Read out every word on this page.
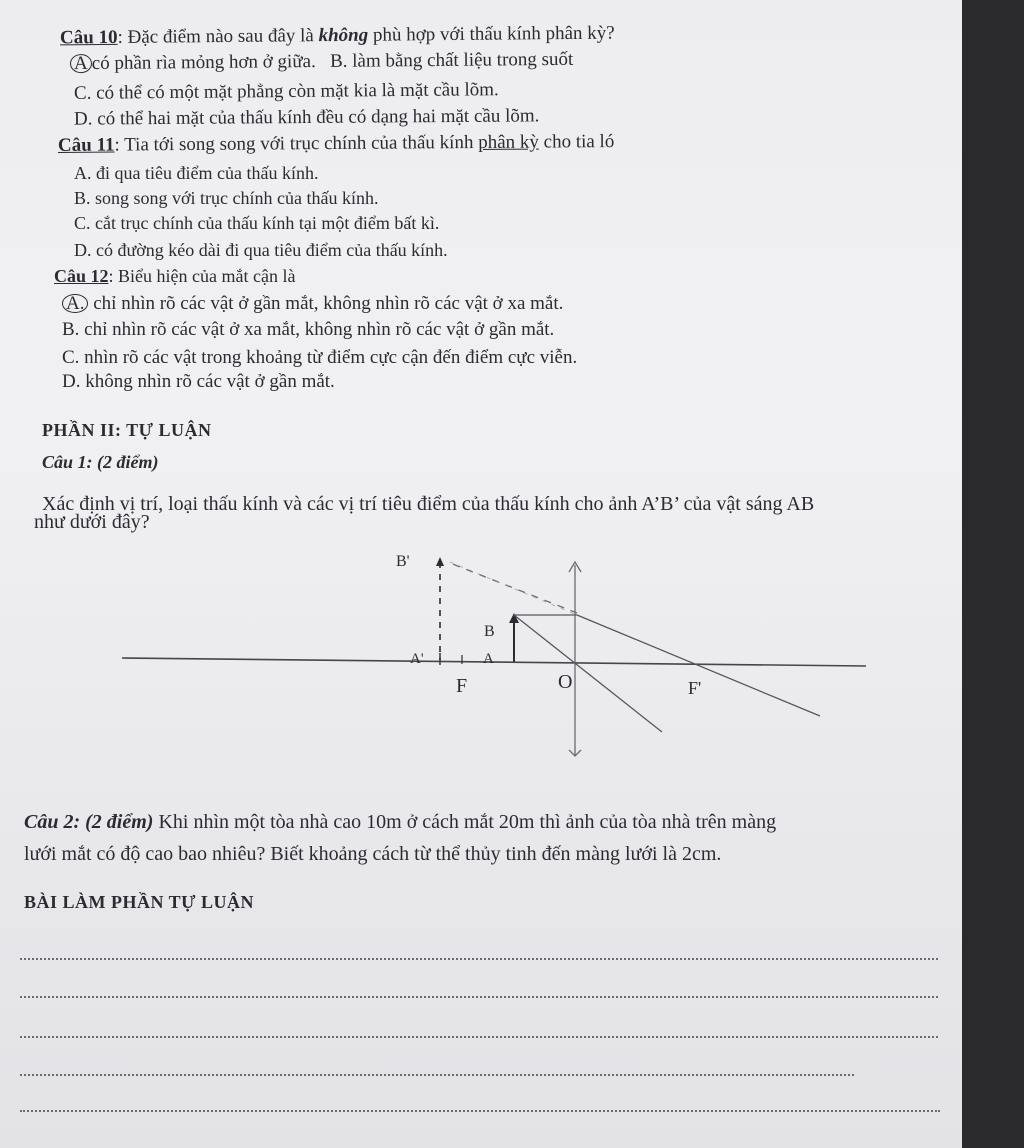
Câu 10: Đặc điểm nào sau đây là không phù hợp với thấu kính phân kỳ?
A có phần rìa mỏng hơn ở giữa. B. làm bằng chất liệu trong suốt
C. có thể có một mặt phẳng còn mặt kia là mặt cầu lõm.
D. có thể hai mặt của thấu kính đều có dạng hai mặt cầu lõm.
Câu 11: Tia tới song song với trục chính của thấu kính phân kỳ cho tia ló
A. đi qua tiêu điểm của thấu kính.
B. song song với trục chính của thấu kính.
C. cắt trục chính của thấu kính tại một điểm bất kì.
D. có đường kéo dài đi qua tiêu điểm của thấu kính.
Câu 12: Biểu hiện của mắt cận là
A. chỉ nhìn rõ các vật ở gần mắt, không nhìn rõ các vật ở xa mắt.
B. chỉ nhìn rõ các vật ở xa mắt, không nhìn rõ các vật ở gần mắt.
C. nhìn rõ các vật trong khoảng từ điểm cực cận đến điểm cực viễn.
D. không nhìn rõ các vật ở gần mắt.
PHẦN II: TỰ LUẬN
Câu 1: (2 điểm)
Xác định vị trí, loại thấu kính và các vị trí tiêu điểm của thấu kính cho ảnh A’B’ của vật sáng AB
như dưới đây?
B'
B
A'	A
F	O	F'
Câu 2: (2 điểm) Khi nhìn một tòa nhà cao 10m ở cách mắt 20m thì ảnh của tòa nhà trên màng
lưới mắt có độ cao bao nhiêu? Biết khoảng cách từ thể thủy tinh đến màng lưới là 2cm.
BÀI LÀM PHẦN TỰ LUẬN
